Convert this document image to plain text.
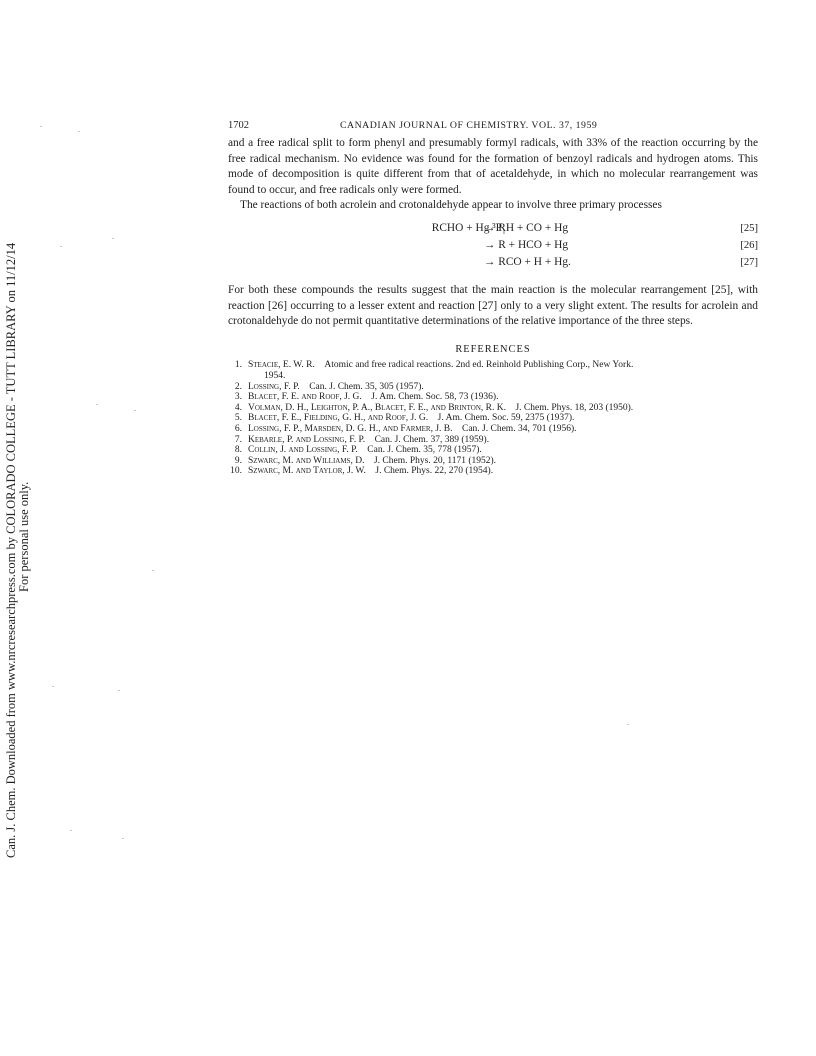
Can. J. Chem. Downloaded from www.nrcresearchpress.com by COLORADO COLLEGE - TUTT LIBRARY on 11/12/14 For personal use only.
1702	CANADIAN JOURNAL OF CHEMISTRY. VOL. 37, 1959

and a free radical split to form phenyl and presumably formyl radicals, with 33% of the reaction occurring by the free radical mechanism. No evidence was found for the formation of benzoyl radicals and hydrogen atoms. This mode of decomposition is quite different from that of acetaldehyde, in which no molecular rearrangement was found to occur, and free radicals only were formed.

The reactions of both acrolein and crotonaldehyde appear to involve three primary processes

RCHO + Hg ³P₁
→ RH + CO + Hg	[25]
→ R + HCO + Hg	[26]
→ RCO + H + Hg.	[27]

For both these compounds the results suggest that the main reaction is the molecular rearrangement [25], with reaction [26] occurring to a lesser extent and reaction [27] only to a very slight extent. The results for acrolein and crotonaldehyde do not permit quantitative determinations of the relative importance of the three steps.

REFERENCES
1. Steacie, E. W. R.  Atomic and free radical reactions. 2nd ed. Reinhold Publishing Corp., New York.
1954.
2. Lossing, F. P.  Can. J. Chem. 35, 305 (1957).
3. Blacet, F. E. and Roof, J. G.  J. Am. Chem. Soc. 58, 73 (1936).
4. Volman, D. H., Leighton, P. A., Blacet, F. E., and Brinton, R. K.  J. Chem. Phys. 18, 203 (1950).
5. Blacet, F. E., Fielding, G. H., and Roof, J. G.  J. Am. Chem. Soc. 59, 2375 (1937).
6. Lossing, F. P., Marsden, D. G. H., and Farmer, J. B.  Can. J. Chem. 34, 701 (1956).
7. Kebarle, P. and Lossing, F. P.  Can. J. Chem. 37, 389 (1959).
8. Collin, J. and Lossing, F. P.  Can. J. Chem. 35, 778 (1957).
9. Szwarc, M. and Williams, D.  J. Chem. Phys. 20, 1171 (1952).
10. Szwarc, M. and Taylor, J. W.  J. Chem. Phys. 22, 270 (1954).
